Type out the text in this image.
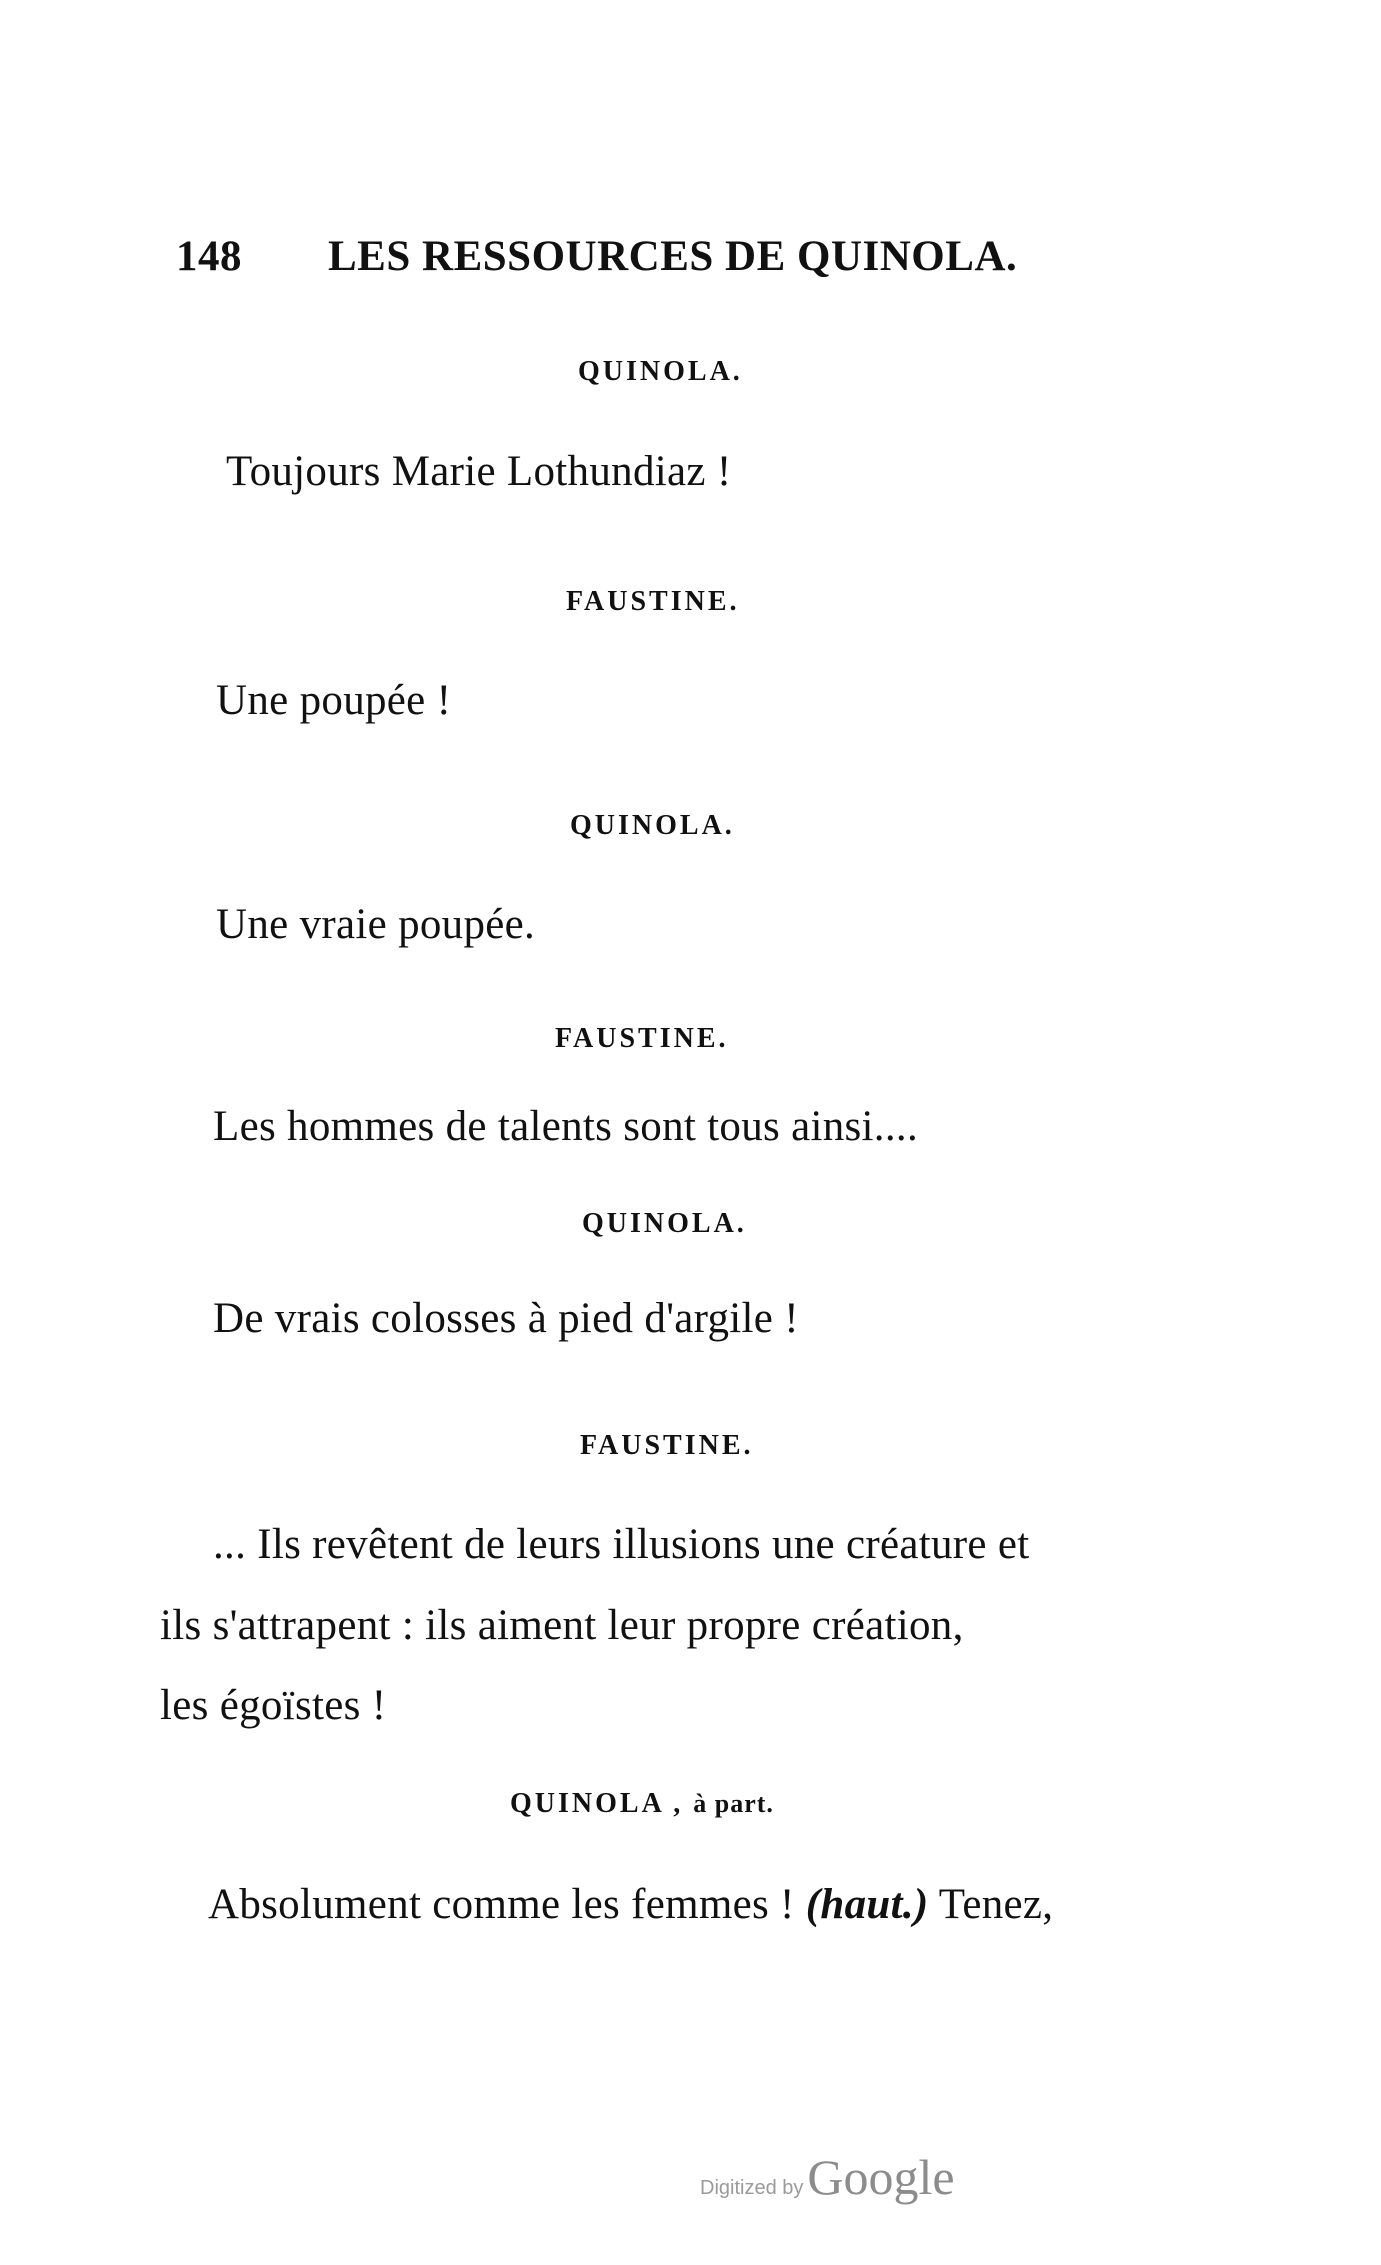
148 LES RESSOURCES DE QUINOLA.
QUINOLA.
Toujours Marie Lothundiaz !
FAUSTINE.
Une poupée !
QUINOLA.
Une vraie poupée.
FAUSTINE.
Les hommes de talents sont tous ainsi....
QUINOLA.
De vrais colosses à pied d'argile !
FAUSTINE.
... Ils revêtent de leurs illusions une créature et
ils s'attrapent : ils aiment leur propre création,
les égoïstes !
QUINOLA , à part.
Absolument comme les femmes ! (haut.) Tenez,
Digitized byGoogle
